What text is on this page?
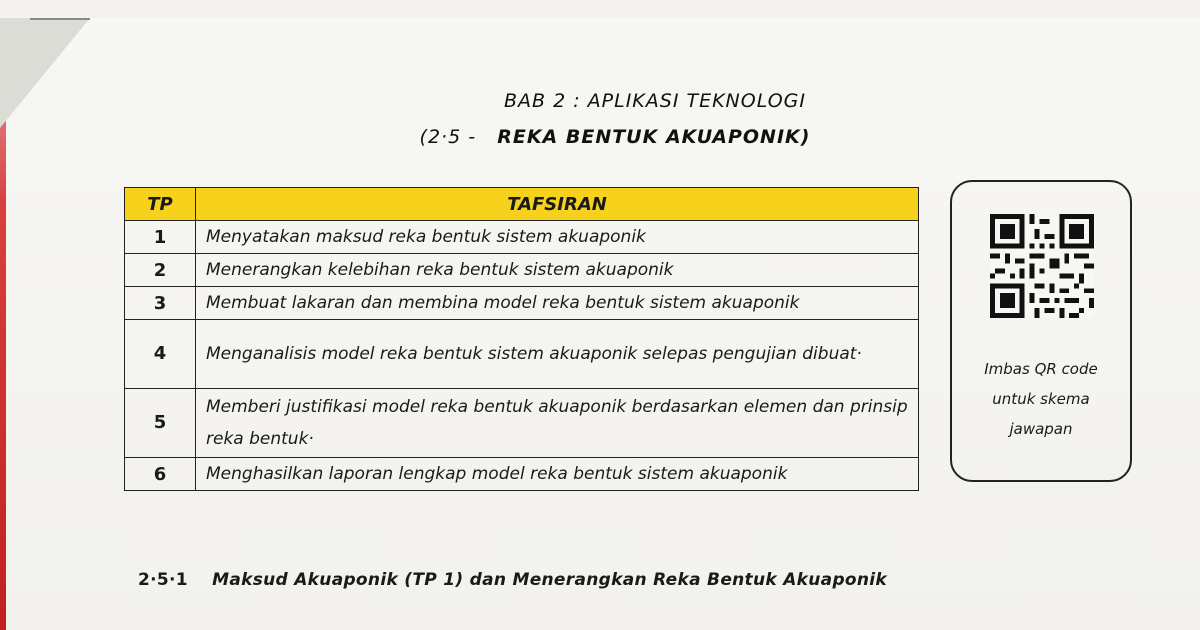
BAB 2 : APLIKASI TEKNOLOGI
(2·5 - REKA BENTUK AKUAPONIK)
TP	TAFSIRAN
1	Menyatakan maksud reka bentuk sistem akuaponik
2	Menerangkan kelebihan reka bentuk sistem akuaponik
3	Membuat lakaran dan membina model reka bentuk sistem akuaponik
4	Menganalisis model reka bentuk sistem akuaponik selepas pengujian dibuat·
5	Memberi justifikasi model reka bentuk akuaponik berdasarkan elemen dan prinsip reka bentuk·
6	Menghasilkan laporan lengkap model reka bentuk sistem akuaponik
Imbas QR code
untuk skema
jawapan
2·5·1 Maksud Akuaponik (TP 1) dan Menerangkan Reka Bentuk Akuaponik
